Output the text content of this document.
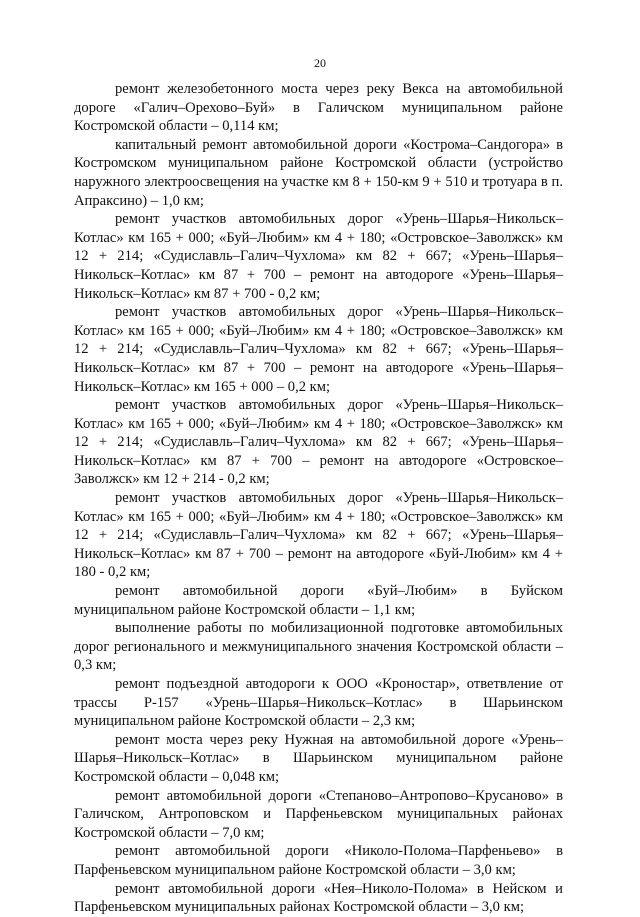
20

ремонт железобетонного моста через реку Векса на автомобильной дороге «Галич–Орехово–Буй» в Галичском муниципальном районе Костромской области – 0,114 км;

капитальный ремонт автомобильной дороги «Кострома–Сандогора» в Костромском муниципальном районе Костромской области (устройство наружного электроосвещения на участке км 8 + 150-км 9 + 510 и тротуара в п. Апраксино) – 1,0 км;

ремонт участков автомобильных дорог «Урень–Шарья–Никольск–Котлас» км 165 + 000; «Буй–Любим» км 4 + 180; «Островское–Заволжск» км 12 + 214; «Судиславль–Галич–Чухлома» км 82 + 667; «Урень–Шарья–Никольск–Котлас» км 87 + 700 – ремонт на автодороге «Урень–Шарья–Никольск–Котлас» км 87 + 700 - 0,2 км;

ремонт участков автомобильных дорог «Урень–Шарья–Никольск–Котлас» км 165 + 000; «Буй–Любим» км 4 + 180; «Островское–Заволжск» км 12 + 214; «Судиславль–Галич–Чухлома» км 82 + 667; «Урень–Шарья–Никольск–Котлас» км 87 + 700 – ремонт на автодороге «Урень–Шарья–Никольск–Котлас» км 165 + 000 – 0,2 км;

ремонт участков автомобильных дорог «Урень–Шарья–Никольск–Котлас» км 165 + 000; «Буй–Любим» км 4 + 180; «Островское–Заволжск» км 12 + 214; «Судиславль–Галич–Чухлома» км 82 + 667; «Урень–Шарья–Никольск–Котлас» км 87 + 700 – ремонт на автодороге «Островское–Заволжск» км 12 + 214 - 0,2 км;

ремонт участков автомобильных дорог «Урень–Шарья–Никольск–Котлас» км 165 + 000; «Буй–Любим» км 4 + 180; «Островское–Заволжск» км 12 + 214; «Судиславль–Галич–Чухлома» км 82 + 667; «Урень–Шарья–Никольск–Котлас» км 87 + 700 – ремонт на автодороге «Буй-Любим» км 4 + 180 - 0,2 км;

ремонт автомобильной дороги «Буй–Любим» в Буйском муниципальном районе Костромской области – 1,1 км;

выполнение работы по мобилизационной подготовке автомобильных дорог регионального и межмуниципального значения Костромской области – 0,3 км;

ремонт подъездной автодороги к ООО «Кроностар», ответвление от трассы Р-157 «Урень–Шарья–Никольск–Котлас» в Шарьинском муниципальном районе Костромской области – 2,3 км;

ремонт моста через реку Нужная на автомобильной дороге «Урень–Шарья–Никольск–Котлас» в Шарьинском муниципальном районе Костромской области – 0,048 км;

ремонт автомобильной дороги «Степаново–Антропово–Крусаново» в Галичском, Антроповском и Парфеньевском муниципальных районах Костромской области – 7,0 км;

ремонт автомобильной дороги «Николо-Полома–Парфеньево» в Парфеньевском муниципальном районе Костромской области – 3,0 км;

ремонт автомобильной дороги «Нея–Николо-Полома» в Нейском и Парфеньевском муниципальных районах Костромской области – 3,0 км;
